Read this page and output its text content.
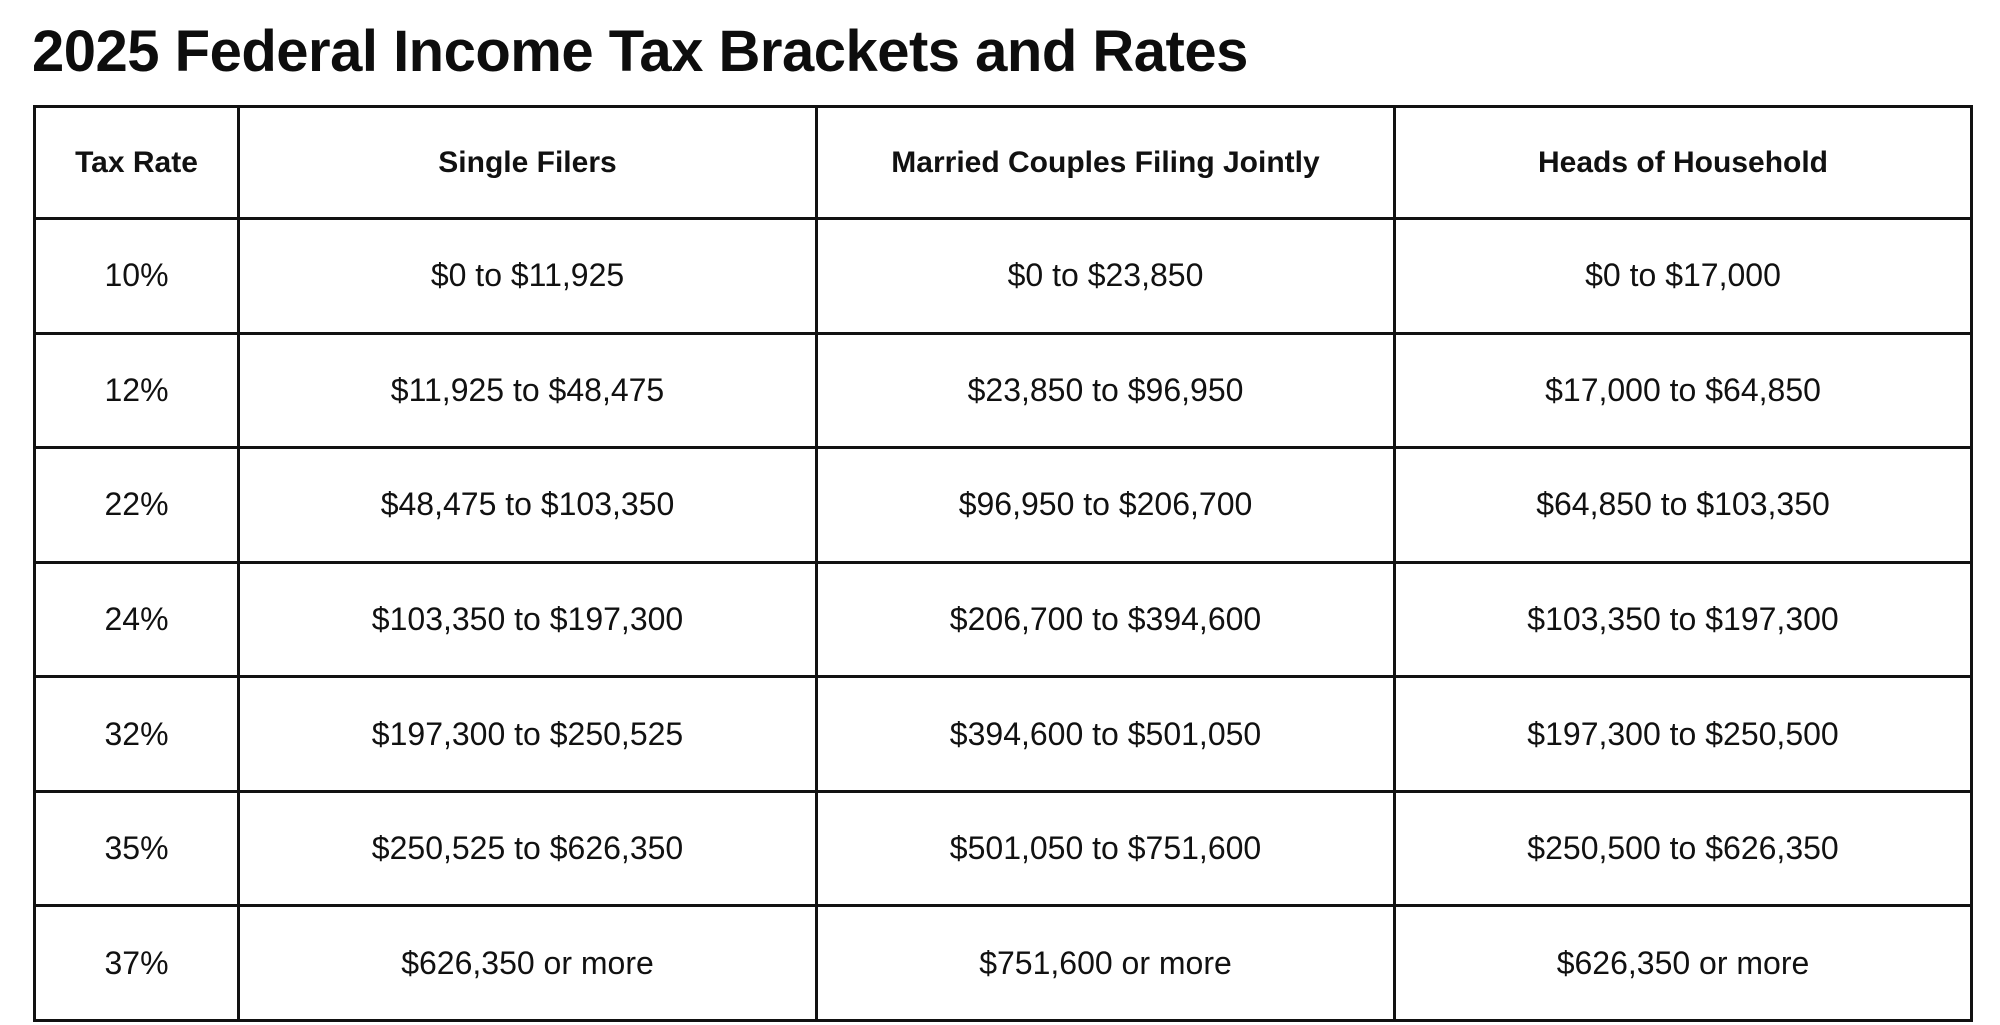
2025 Federal Income Tax Brackets and Rates
Tax Rate	Single Filers	Married Couples Filing Jointly	Heads of Household
10%	$0 to $11,925	$0 to $23,850	$0 to $17,000
12%	$11,925 to $48,475	$23,850 to $96,950	$17,000 to $64,850
22%	$48,475 to $103,350	$96,950 to $206,700	$64,850 to $103,350
24%	$103,350 to $197,300	$206,700 to $394,600	$103,350 to $197,300
32%	$197,300 to $250,525	$394,600 to $501,050	$197,300 to $250,500
35%	$250,525 to $626,350	$501,050 to $751,600	$250,500 to $626,350
37%	$626,350 or more	$751,600 or more	$626,350 or more
